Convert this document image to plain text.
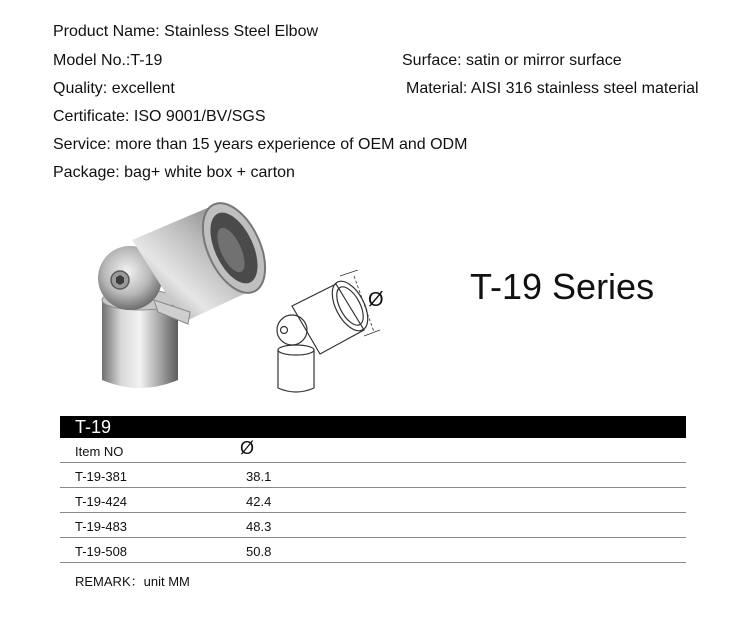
Product Name: Stainless Steel Elbow
Model No.:T-19	Surface: satin or mirror surface
Quality: excellent	Material: AISI 316 stainless steel material
Certificate: ISO 9001/BV/SGS
Service: more than 15 years experience of OEM and ODM
Package: bag+ white box + carton
Ø T-19 Series
T-19
Item NO	Ø
T-19-381	38.1
T-19-424	42.4
T-19-483	48.3
T-19-508	50.8
REMARK：unit MM
